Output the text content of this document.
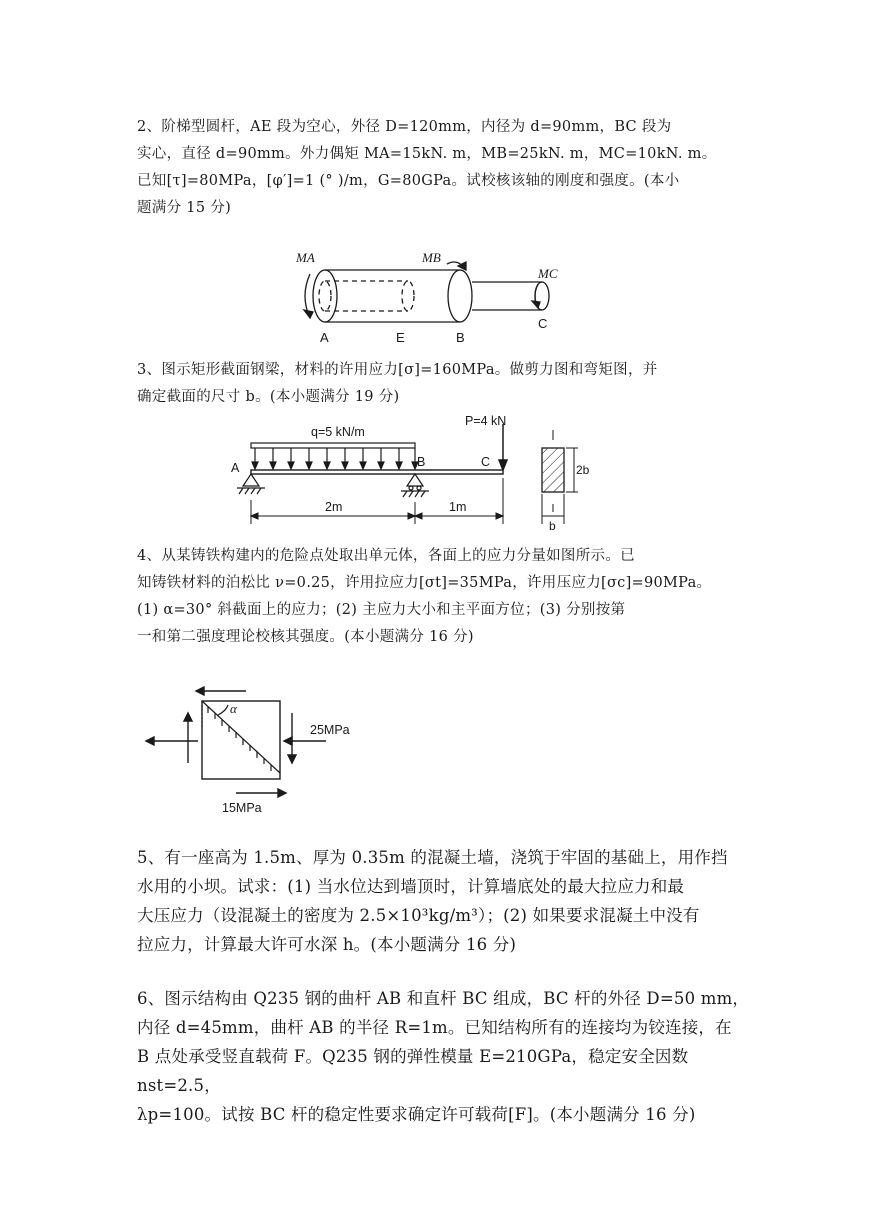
2、阶梯型圆杆，AE 段为空心，外径 D=120mm，内径为 d=90mm，BC 段为
实心，直径 d=90mm。外力偶矩 MA=15kN. m，MB=25kN. m，MC=10kN. m。
已知[τ]=80MPa，[φ′]=1 (° )/m，G=80GPa。试校核该轴的刚度和强度。(本小
题满分 15 分)

MA	MB
MC
A	E	B
C

3、图示矩形截面钢梁，材料的许用应力[σ]=160MPa。做剪力图和弯矩图，并
确定截面的尺寸 b。(本小题满分 19 分)

q=5 kN/m
P=4 kN
A	B	C
2m	1m
2b
b

4、从某铸铁构建内的危险点处取出单元体，各面上的应力分量如图所示。已
知铸铁材料的泊松比 ν=0.25，许用拉应力[σt]=35MPa，许用压应力[σc]=90MPa。
(1) α=30° 斜截面上的应力；(2) 主应力大小和主平面方位；(3) 分别按第
一和第二强度理论校核其强度。(本小题满分 16 分)

α
25MPa
15MPa

5、有一座高为 1.5m、厚为 0.35m 的混凝土墙，浇筑于牢固的基础上，用作挡
水用的小坝。试求：(1) 当水位达到墙顶时，计算墙底处的最大拉应力和最
大压应力（设混凝土的密度为 2.5×10³kg/m³）；(2) 如果要求混凝土中没有
拉应力，计算最大许可水深 h。(本小题满分 16 分)

6、图示结构由 Q235 钢的曲杆 AB 和直杆 BC 组成，BC 杆的外径 D=50 mm，
内径 d=45mm，曲杆 AB 的半径 R=1m。已知结构所有的连接均为铰连接，在
B 点处承受竖直载荷 F。Q235 钢的弹性模量 E=210GPa，稳定安全因数 nst=2.5，
λp=100。试按 BC 杆的稳定性要求确定许可载荷[F]。(本小题满分 16 分)
